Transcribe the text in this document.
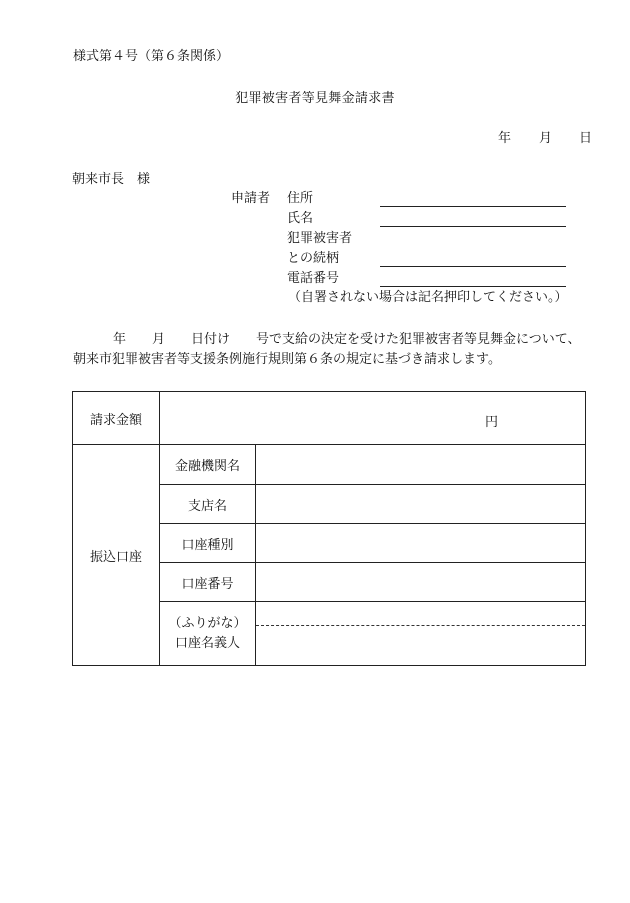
様式第４号（第６条関係）
犯罪被害者等見舞金請求書
年 月 日
朝来市長　様
申請者 住所
氏名
犯罪被害者
との続柄
電話番号
（自署されない場合は記名押印してください。）
年　　月　　日付け　　号で支給の決定を受けた犯罪被害者等見舞金について、
朝来市犯罪被害者等支援条例施行規則第６条の規定に基づき請求します。
請求金額	円	

振込口座	金融機関名	
	支店名	
	口座種別	
	口座番号	

	（ふりがな）
口座名義人	
